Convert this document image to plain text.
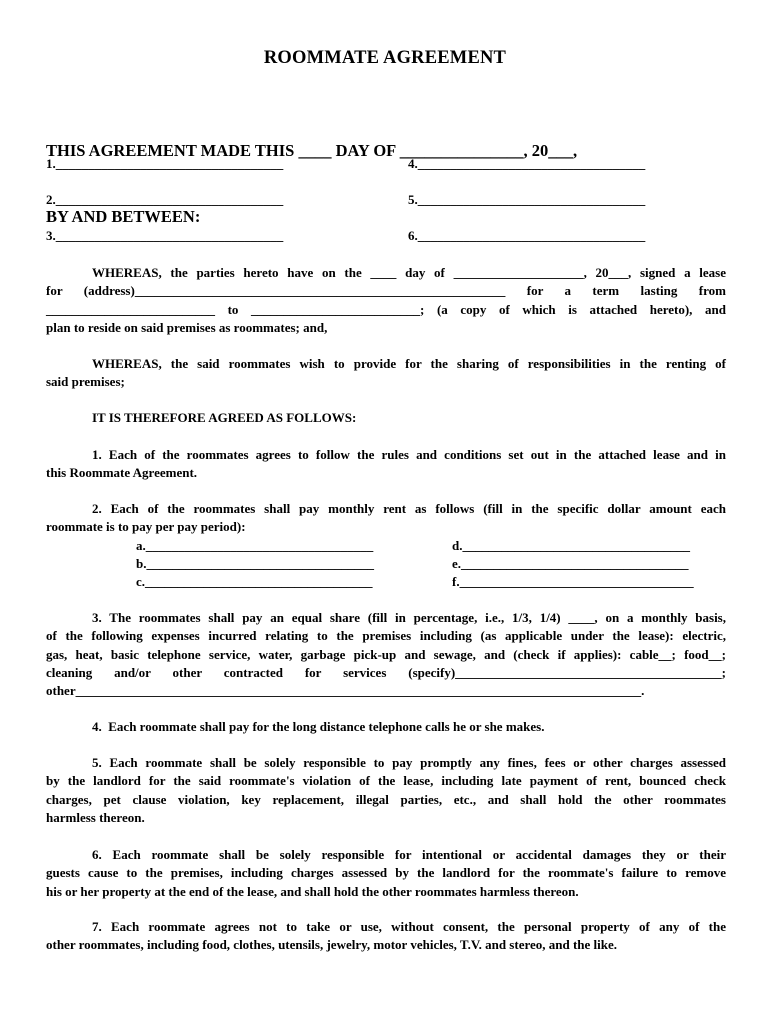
ROOMMATE AGREEMENT

THIS AGREEMENT MADE THIS ____ DAY OF _______________, 20___,

BY AND BETWEEN:

1.___________________________________
2.___________________________________
3.___________________________________
4.___________________________________
5.___________________________________
6.___________________________________
WHEREAS, the parties hereto have on the ____ day of ____________________, 20___, signed a lease
for (address)_________________________________________________________ for a term lasting from
__________________________ to __________________________; (a copy of which is attached hereto), and
plan to reside on said premises as roommates; and,
WHEREAS, the said roommates wish to provide for the sharing of responsibilities in the renting of
said premises;
IT IS THEREFORE AGREED AS FOLLOWS:
1. Each of the roommates agrees to follow the rules and conditions set out in the attached lease and in
this Roommate Agreement.
2. Each of the roommates shall pay monthly rent as follows (fill in the specific dollar amount each
roommate is to pay per pay period):
a.___________________________________
b.___________________________________
c.___________________________________
d.___________________________________
e.___________________________________
f.____________________________________
3. The roommates shall pay an equal share (fill in percentage, i.e., 1/3, 1/4) ____, on a monthly basis,
of the following expenses incurred relating to the premises including (as applicable under the lease): electric,
gas, heat, basic telephone service, water, garbage pick-up and sewage, and (check if applies): cable__; food__;
cleaning and/or other contracted for services (specify)_________________________________________;
other_______________________________________________________________________________________.
4.  Each roommate shall pay for the long distance telephone calls he or she makes.
5. Each roommate shall be solely responsible to pay promptly any fines, fees or other charges assessed
by the landlord for the said roommate's violation of the lease, including late payment of rent, bounced check
charges, pet clause violation, key replacement, illegal parties, etc., and shall hold the other roommates
harmless thereon.
6. Each roommate shall be solely responsible for intentional or accidental damages they or their
guests cause to the premises, including charges assessed by the landlord for the roommate's failure to remove
his or her property at the end of the lease, and shall hold the other roommates harmless thereon.
7. Each roommate agrees not to take or use, without consent, the personal property of any of the
other roommates, including food, clothes, utensils, jewelry, motor vehicles, T.V. and stereo, and the like.
